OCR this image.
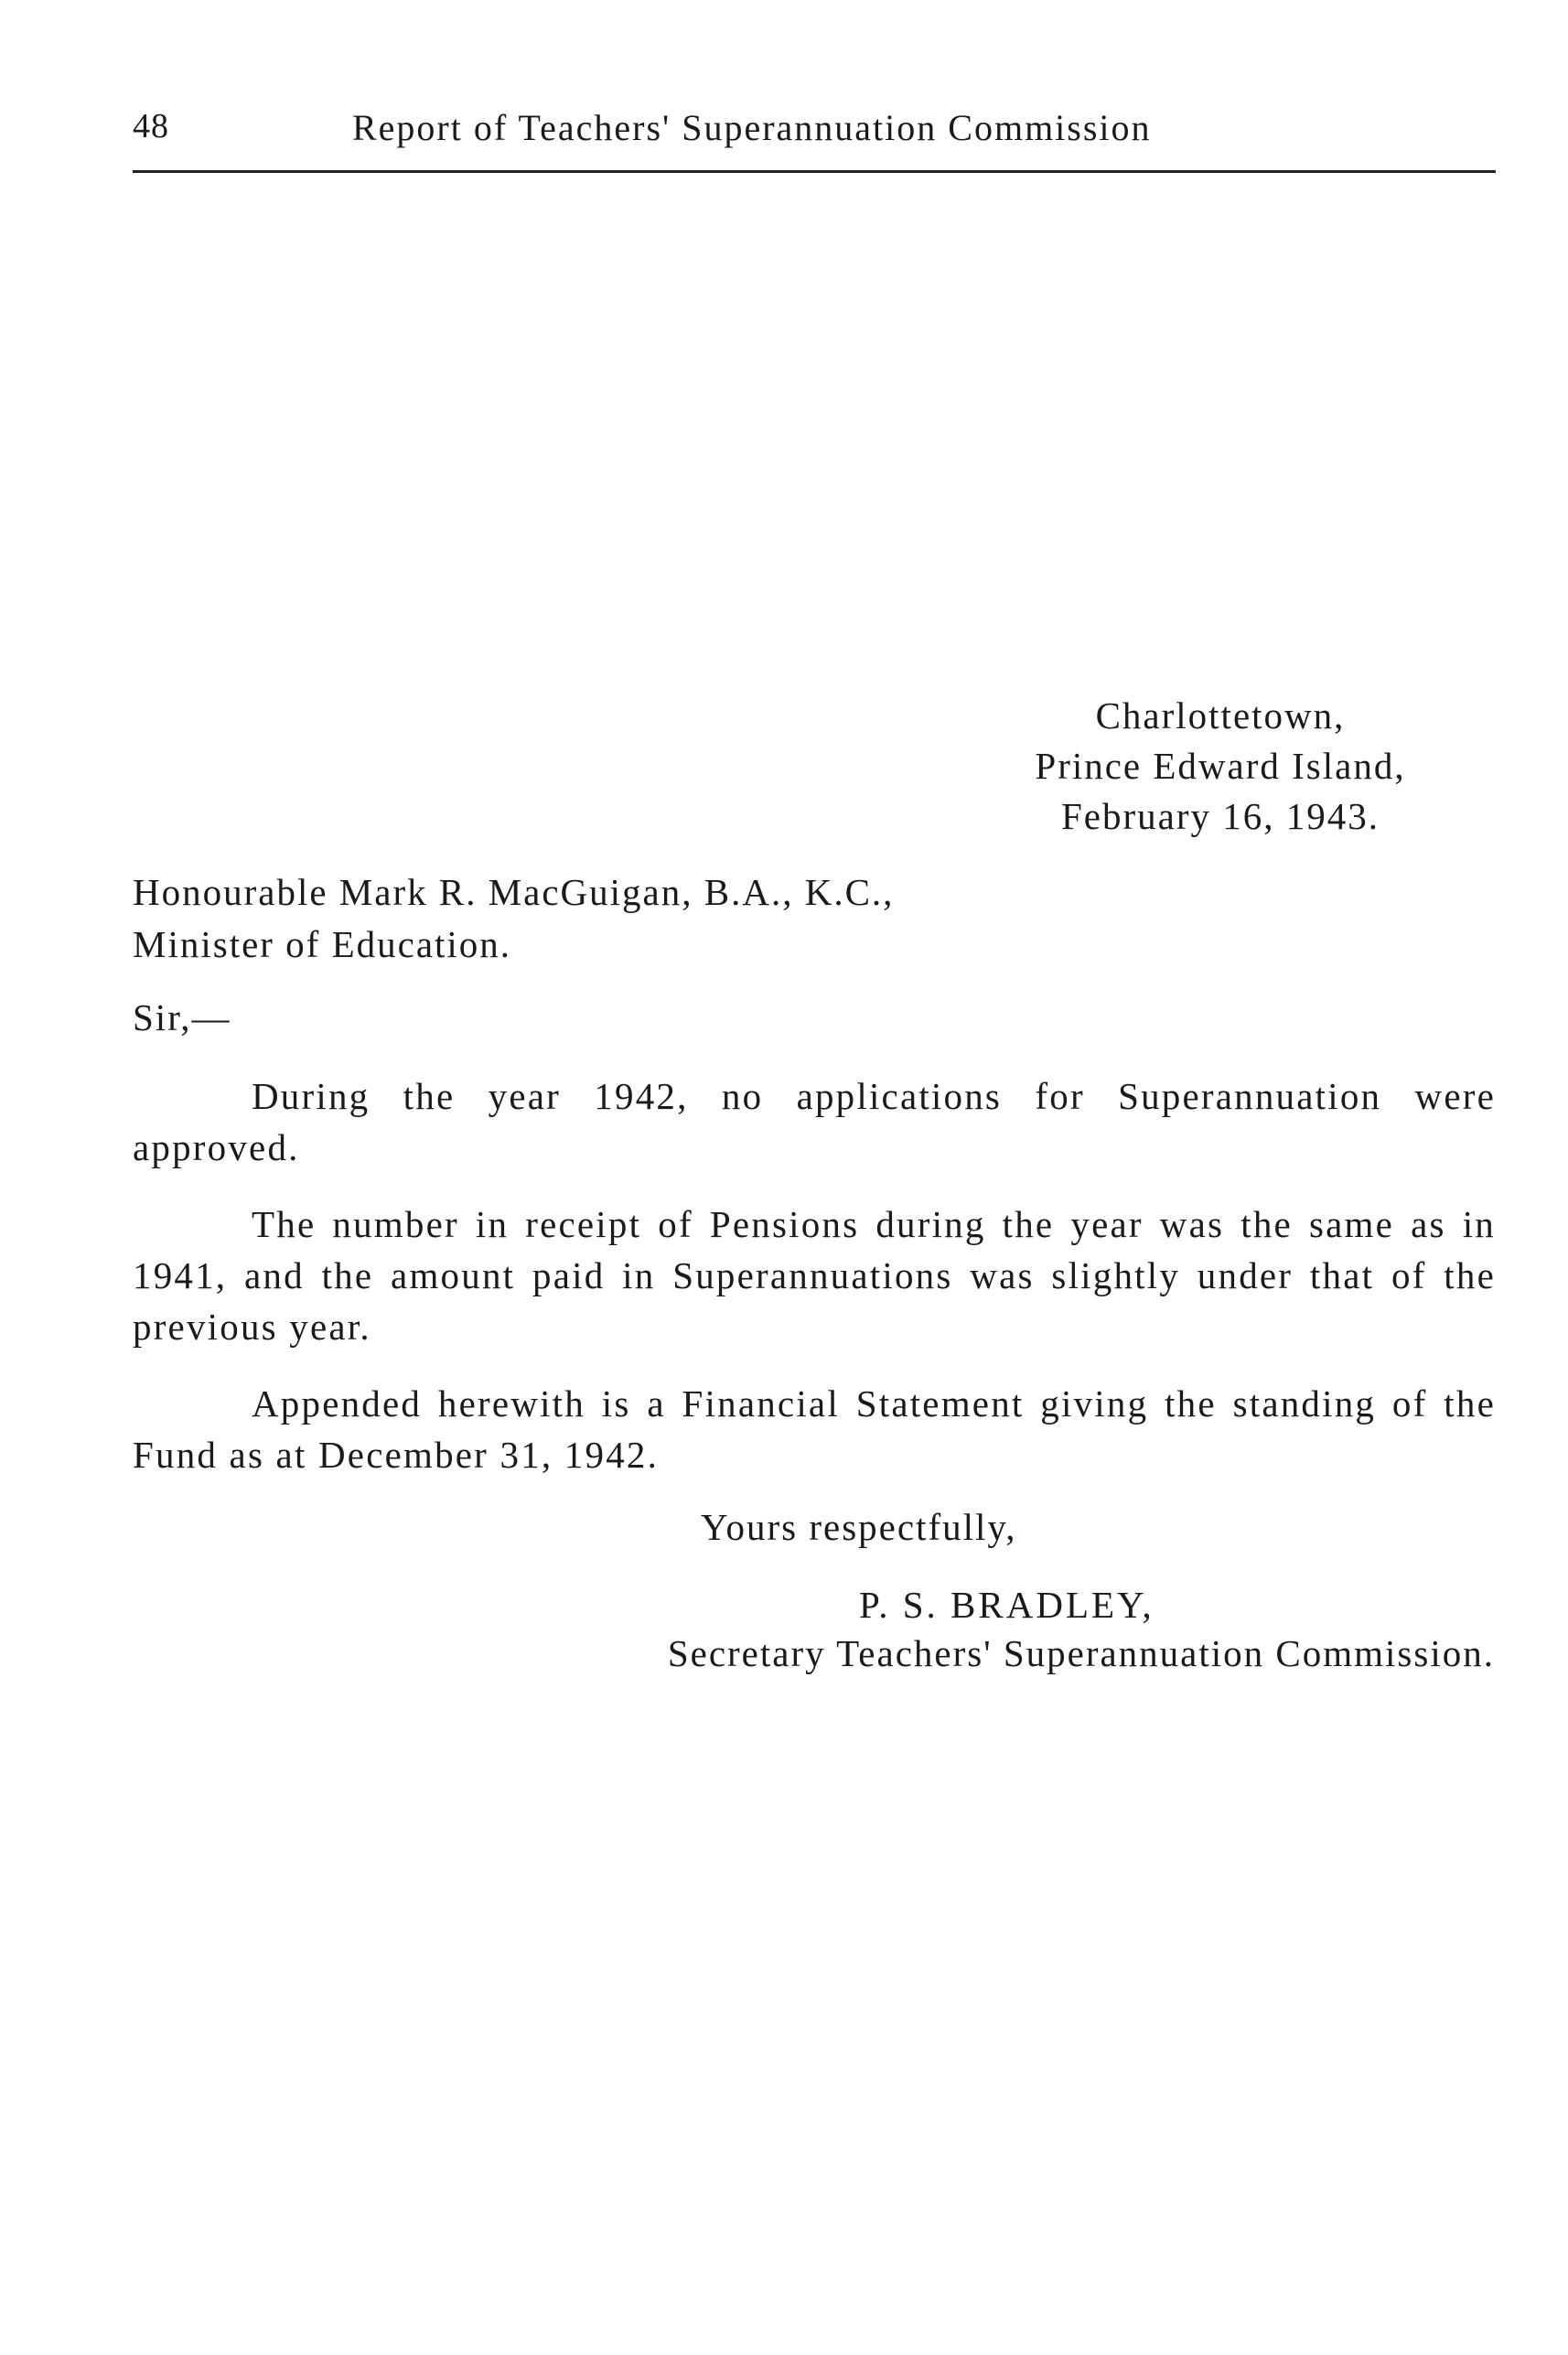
48	Report of Teachers' Superannuation Commission
Charlottetown,
Prince Edward Island,
February 16, 1943.
Honourable Mark R. MacGuigan, B.A., K.C.,
Minister of Education.
Sir,—

During the year 1942, no applications for Superannuation were approved.

The number in receipt of Pensions during the year was the same as in 1941, and the amount paid in Superannuations was slightly under that of the previous year.

Appended herewith is a Financial Statement giving the standing of the Fund as at December 31, 1942.

Yours respectfully,
P. S. BRADLEY,
Secretary Teachers' Superannuation Commission.
